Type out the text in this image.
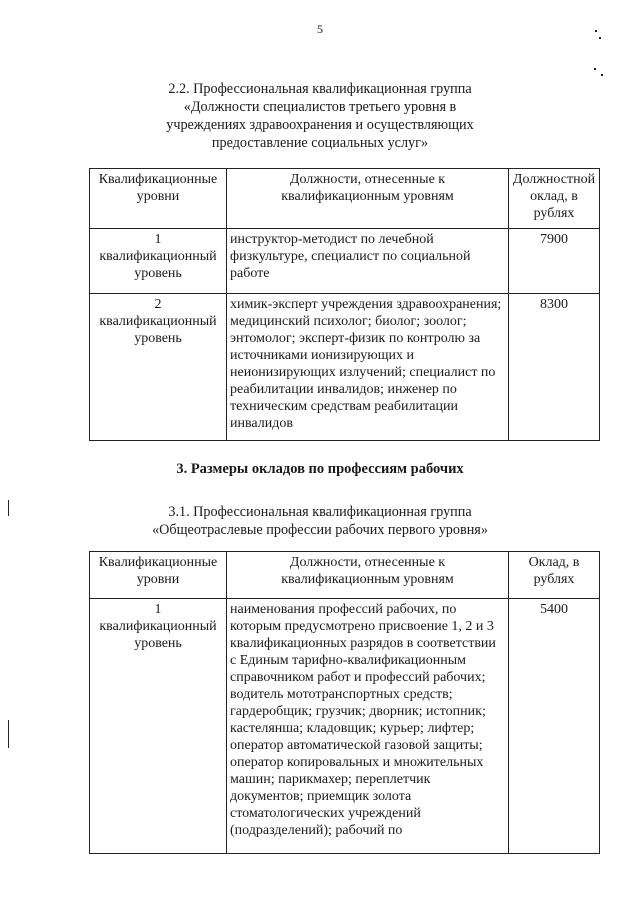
5
2.2. Профессиональная квалификационная группа
«Должности специалистов третьего уровня в
учреждениях здравоохранения и осуществляющих
предоставление социальных услуг»
Квалификационные уровни	Должности, отнесенные к квалификационным уровням	Должностной оклад, в рублях

1
квалификационный уровень	инструктор-методист по лечебной физкультуре, специалист по социальной работе	7900

2
квалификационный уровень	химик-эксперт учреждения здравоохранения; медицинский психолог; биолог; зоолог; энтомолог; эксперт-физик по контролю за источниками ионизирующих и неионизирующих излучений; специалист по реабилитации инвалидов; инженер по техническим средствам реабилитации инвалидов	8300
3. Размеры окладов по профессиям рабочих
3.1. Профессиональная квалификационная группа
«Общеотраслевые профессии рабочих первого уровня»
Квалификационные уровни	Должности, отнесенные к квалификационным уровням	Оклад, в рублях

1
квалификационный уровень	наименования профессий рабочих, по которым предусмотрено присвоение 1, 2 и 3 квалификационных разрядов в соответствии с Единым тарифно-квалификационным справочником работ и профессий рабочих; водитель мототранспортных средств; гардеробщик; грузчик; дворник; истопник; кастелянша; кладовщик; курьер; лифтер; оператор автоматической газовой защиты; оператор копировальных и множительных машин; парикмахер; переплетчик документов; приемщик золота стоматологических учреждений (подразделений); рабочий по	5400
